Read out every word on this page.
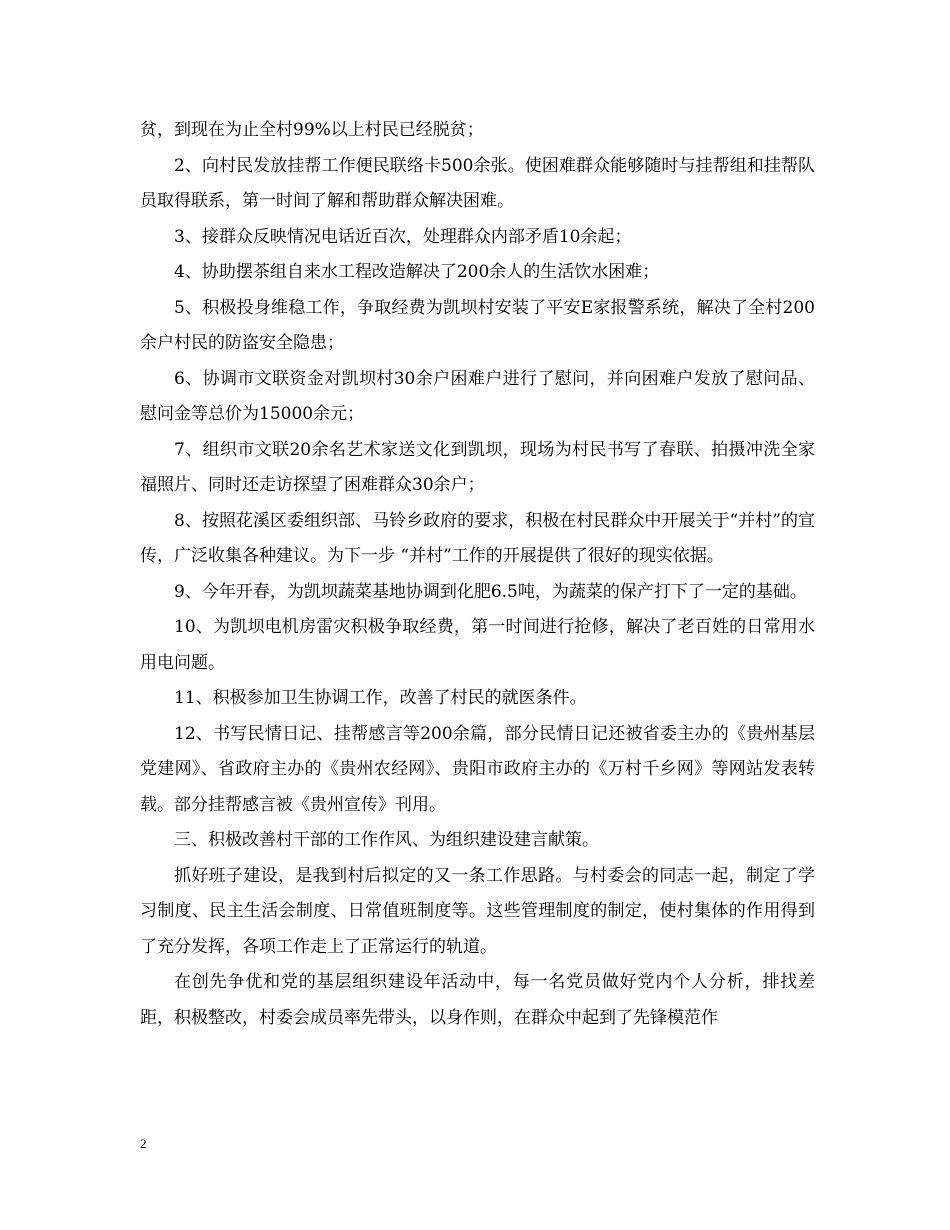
贫，到现在为止全村99%以上村民已经脱贫；

2、向村民发放挂帮工作便民联络卡500余张。使困难群众能够随时与挂帮组和挂帮队员取得联系，第一时间了解和帮助群众解决困难。

3、接群众反映情况电话近百次，处理群众内部矛盾10余起；

4、协助摆茶组自来水工程改造解决了200余人的生活饮水困难；

5、积极投身维稳工作，争取经费为凯坝村安装了平安E家报警系统，解决了全村200余户村民的防盗安全隐患；

6、协调市文联资金对凯坝村30余户困难户进行了慰问，并向困难户发放了慰问品、慰问金等总价为15000余元；

7、组织市文联20余名艺术家送文化到凯坝，现场为村民书写了春联、拍摄冲洗全家福照片、同时还走访探望了困难群众30余户；

8、按照花溪区委组织部、马铃乡政府的要求，积极在村民群众中开展关于“并村”的宣传，广泛收集各种建议。为下一步 “并村”工作的开展提供了很好的现实依据。

9、今年开春，为凯坝蔬菜基地协调到化肥6.5吨，为蔬菜的保产打下了一定的基础。

10、为凯坝电机房雷灾积极争取经费，第一时间进行抢修，解决了老百姓的日常用水用电问题。

11、积极参加卫生协调工作，改善了村民的就医条件。

12、书写民情日记、挂帮感言等200余篇，部分民情日记还被省委主办的《贵州基层党建网》、省政府主办的《贵州农经网》、贵阳市政府主办的《万村千乡网》等网站发表转载。部分挂帮感言被《贵州宣传》刊用。

三、积极改善村干部的工作作风、为组织建设建言献策。

抓好班子建设，是我到村后拟定的又一条工作思路。与村委会的同志一起，制定了学习制度、民主生活会制度、日常值班制度等。这些管理制度的制定，使村集体的作用得到了充分发挥，各项工作走上了正常运行的轨道。

在创先争优和党的基层组织建设年活动中，每一名党员做好党内个人分析，排找差距，积极整改，村委会成员率先带头，以身作则，在群众中起到了先锋模范作

2
